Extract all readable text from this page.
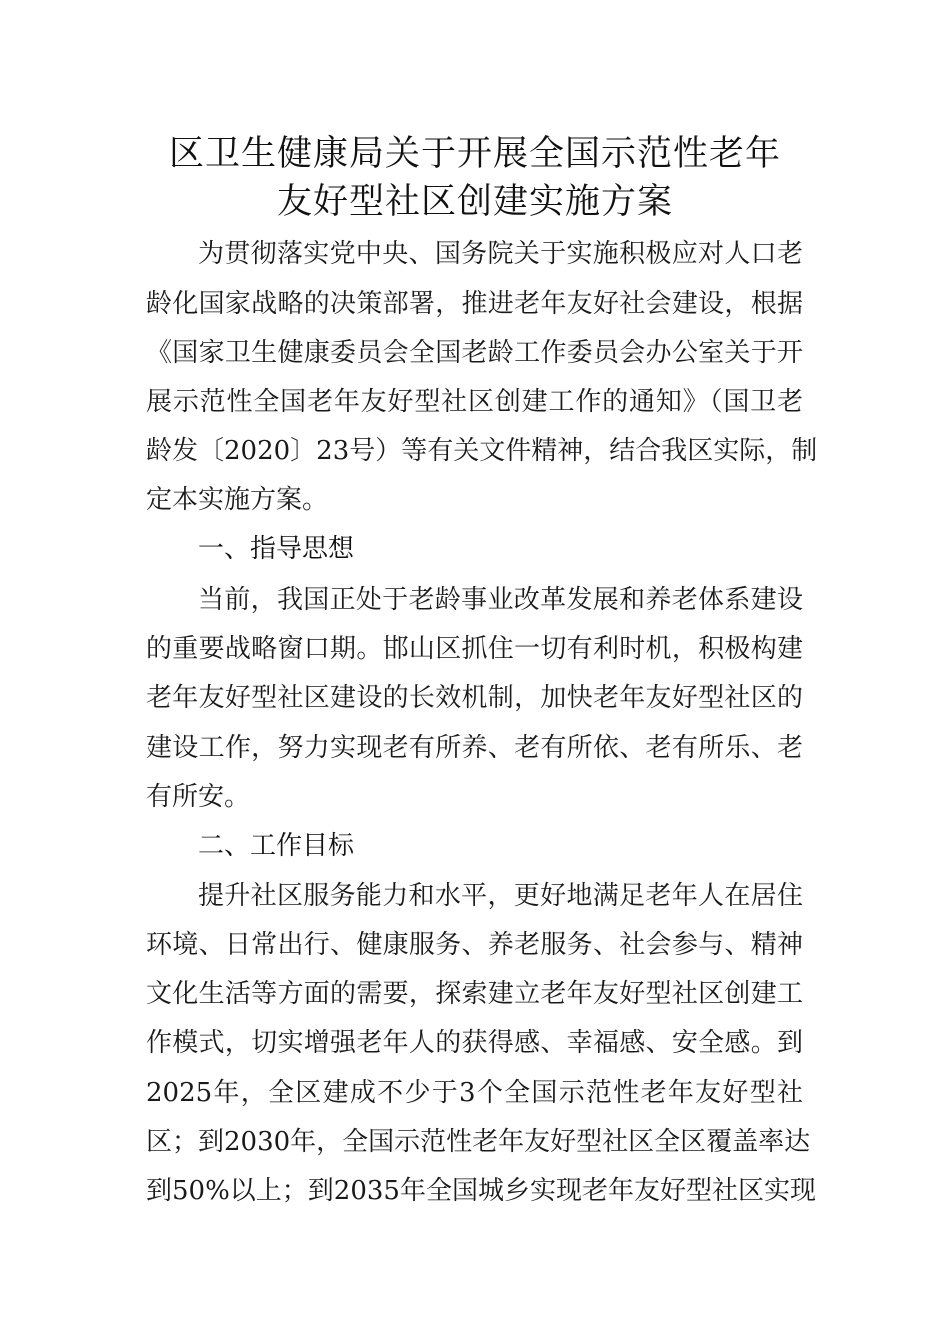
区卫生健康局关于开展全国示范性老年
友好型社区创建实施方案
为贯彻落实党中央、国务院关于实施积极应对人口老
龄化国家战略的决策部署，推进老年友好社会建设，根据
《国家卫生健康委员会全国老龄工作委员会办公室关于开
展示范性全国老年友好型社区创建工作的通知》（国卫老
龄发〔2020〕23号）等有关文件精神，结合我区实际，制
定本实施方案。
一、指导思想
当前，我国正处于老龄事业改革发展和养老体系建设
的重要战略窗口期。邯山区抓住一切有利时机，积极构建
老年友好型社区建设的长效机制，加快老年友好型社区的
建设工作，努力实现老有所养、老有所依、老有所乐、老
有所安。
二、工作目标
提升社区服务能力和水平，更好地满足老年人在居住
环境、日常出行、健康服务、养老服务、社会参与、精神
文化生活等方面的需要，探索建立老年友好型社区创建工
作模式，切实增强老年人的获得感、幸福感、安全感。到
2025年，全区建成不少于3个全国示范性老年友好型社
区；到2030年，全国示范性老年友好型社区全区覆盖率达
到50%以上；到2035年全国城乡实现老年友好型社区实现
